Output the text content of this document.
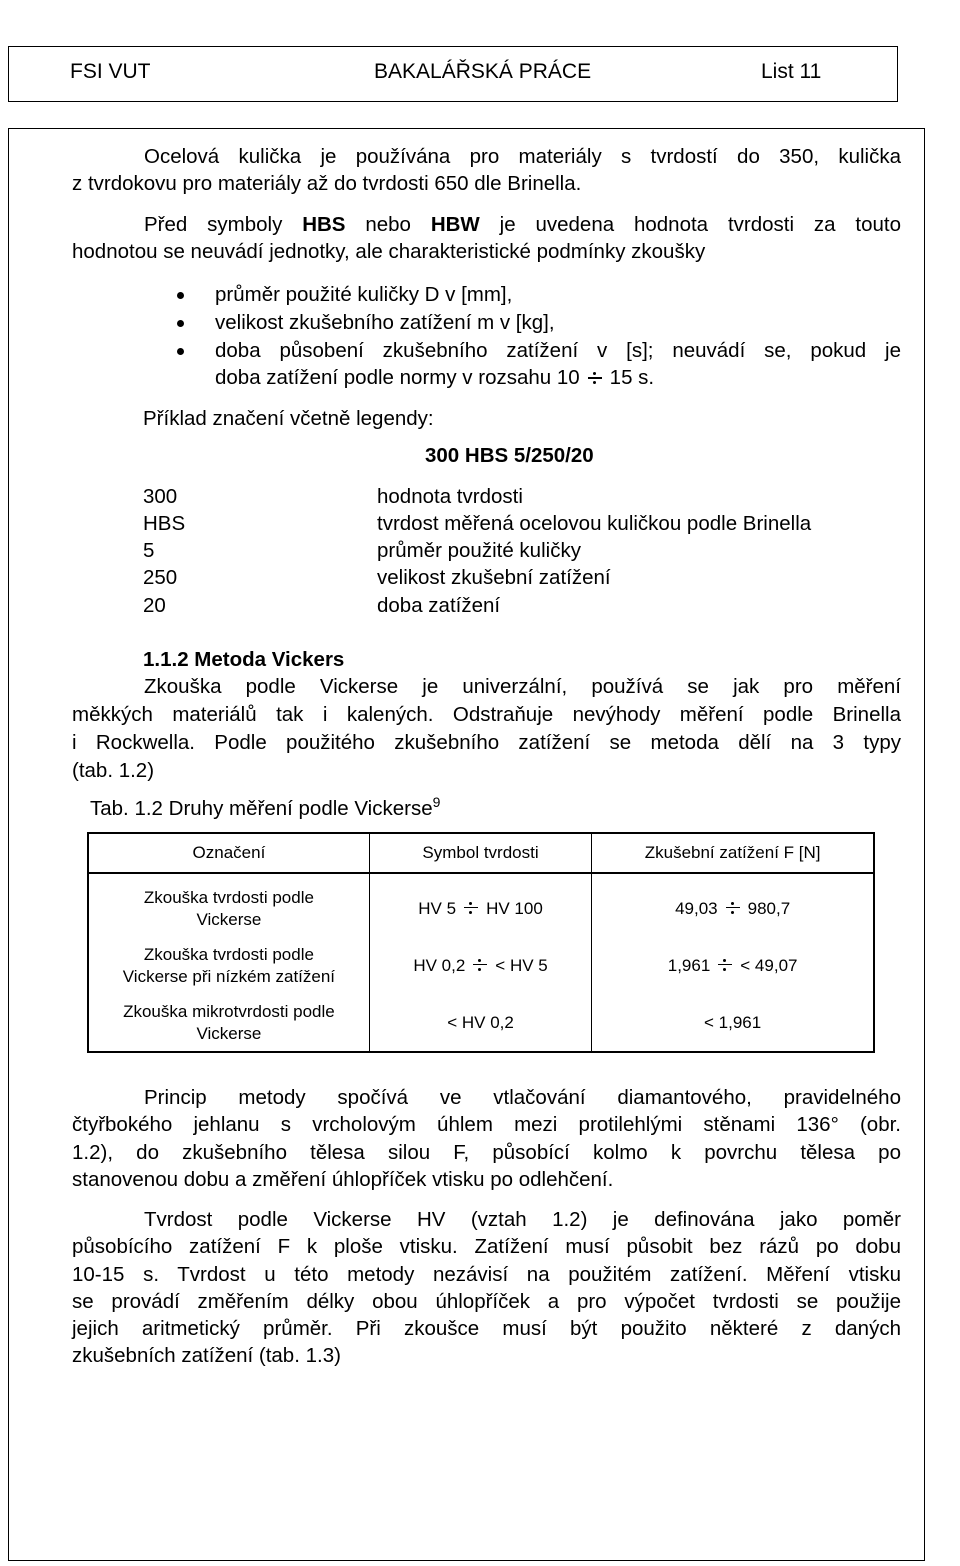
FSI VUT	BAKALÁŘSKÁ PRÁCE	List 11
Ocelová kulička je používána pro materiály s tvrdostí do 350, kulička
z tvrdokovu pro materiály až do tvrdosti 650 dle Brinella.
Před symboly HBS nebo HBW je uvedena hodnota tvrdosti za touto
hodnotou se neuvádí jednotky, ale charakteristické podmínky zkoušky
průměr použité kuličky D v [mm],
velikost zkušebního zatížení m v [kg],
doba působení zkušebního zatížení v [s]; neuvádí se, pokud je
doba zatížení podle normy v rozsahu 10 15 s.
Příklad značení včetně legendy:
300 HBS 5/250/20
300	hodnota tvrdosti
HBS	tvrdost měřená ocelovou kuličkou podle Brinella
5	průměr použité kuličky
250	velikost zkušební zatížení
20	doba zatížení
1.1.2 Metoda Vickers
Zkouška podle Vickerse je univerzální, používá se jak pro měření
měkkých materiálů tak i kalených. Odstraňuje nevýhody měření podle Brinella
i Rockwella. Podle použitého zkušebního zatížení se metoda dělí na 3 typy
(tab. 1.2)
Tab. 1.2 Druhy měření podle Vickerse$^9$
Označení	Symbol tvrdosti	Zkušební zatížení F [N]
Zkouška tvrdosti podle
Vickerse	HV 5 HV 100	49,03 980,7
Zkouška tvrdosti podle
Vickerse při nízkém zatížení	HV 0,2 < HV 5	1,961 < 49,07
Zkouška mikrotvrdosti podle
Vickerse	< HV 0,2	< 1,961
Princip metody spočívá ve vtlačování diamantového, pravidelného
čtyřbokého jehlanu s vrcholovým úhlem mezi protilehlými stěnami 136° (obr.
1.2), do zkušebního tělesa silou F, působící kolmo k povrchu tělesa po
stanovenou dobu a změření úhlopříček vtisku po odlehčení.
Tvrdost podle Vickerse HV (vztah 1.2) je definována jako poměr
působícího zatížení F k ploše vtisku. Zatížení musí působit bez rázů po dobu
10-15 s. Tvrdost u této metody nezávisí na použitém zatížení. Měření vtisku
se provádí změřením délky obou úhlopříček a pro výpočet tvrdosti se použije
jejich aritmetický průměr. Při zkoušce musí být použito některé z daných
zkušebních zatížení (tab. 1.3)
